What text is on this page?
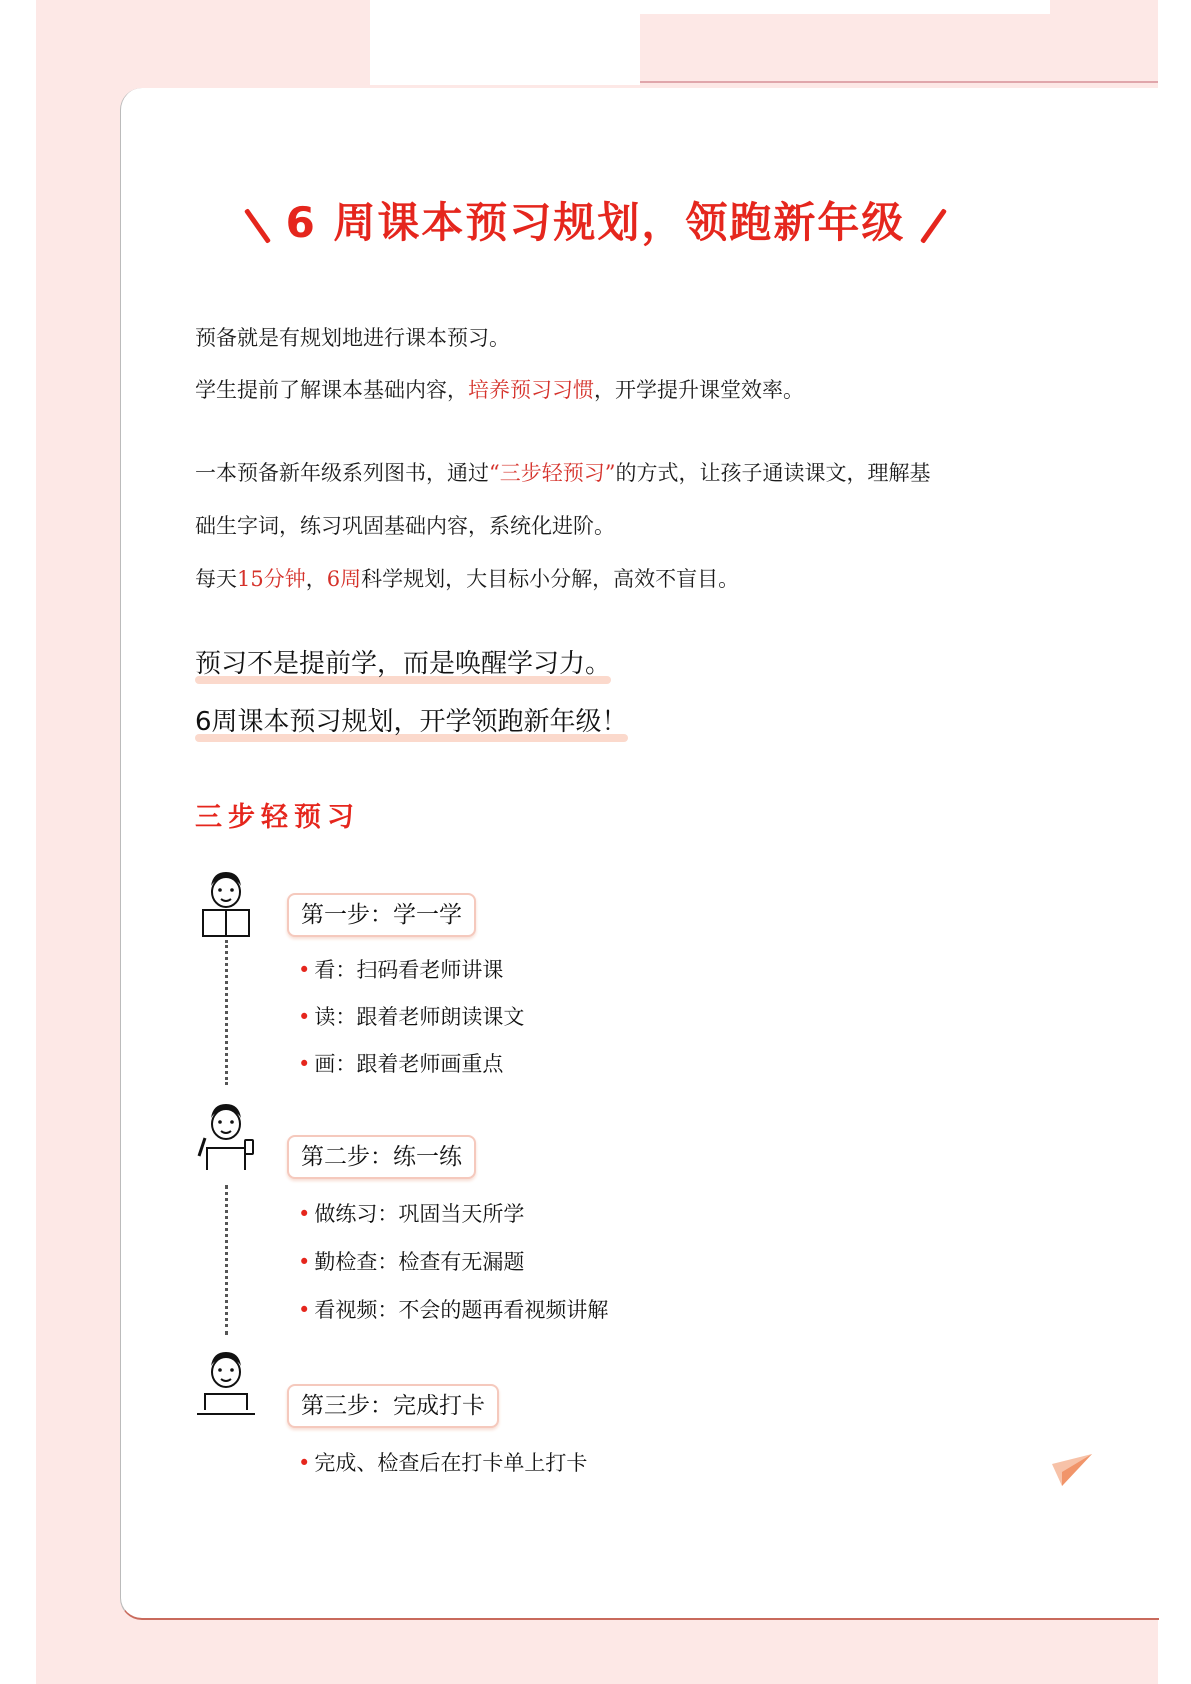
6 周课本预习规划，领跑新年级
预备就是有规划地进行课本预习。
学生提前了解课本基础内容，培养预习习惯，开学提升课堂效率。
一本预备新年级系列图书，通过“三步轻预习”的方式，让孩子通读课文，理解基
础生字词，练习巩固基础内容，系统化进阶。
每天15分钟，6周科学规划，大目标小分解，高效不盲目。
预习不是提前学，而是唤醒学习力。
6周课本预习规划，开学领跑新年级！
三步轻预习
第一步：学一学
• 看：扫码看老师讲课
• 读：跟着老师朗读课文
• 画：跟着老师画重点
第二步：练一练
• 做练习：巩固当天所学
• 勤检查：检查有无漏题
• 看视频：不会的题再看视频讲解
第三步：完成打卡
• 完成、检查后在打卡单上打卡
